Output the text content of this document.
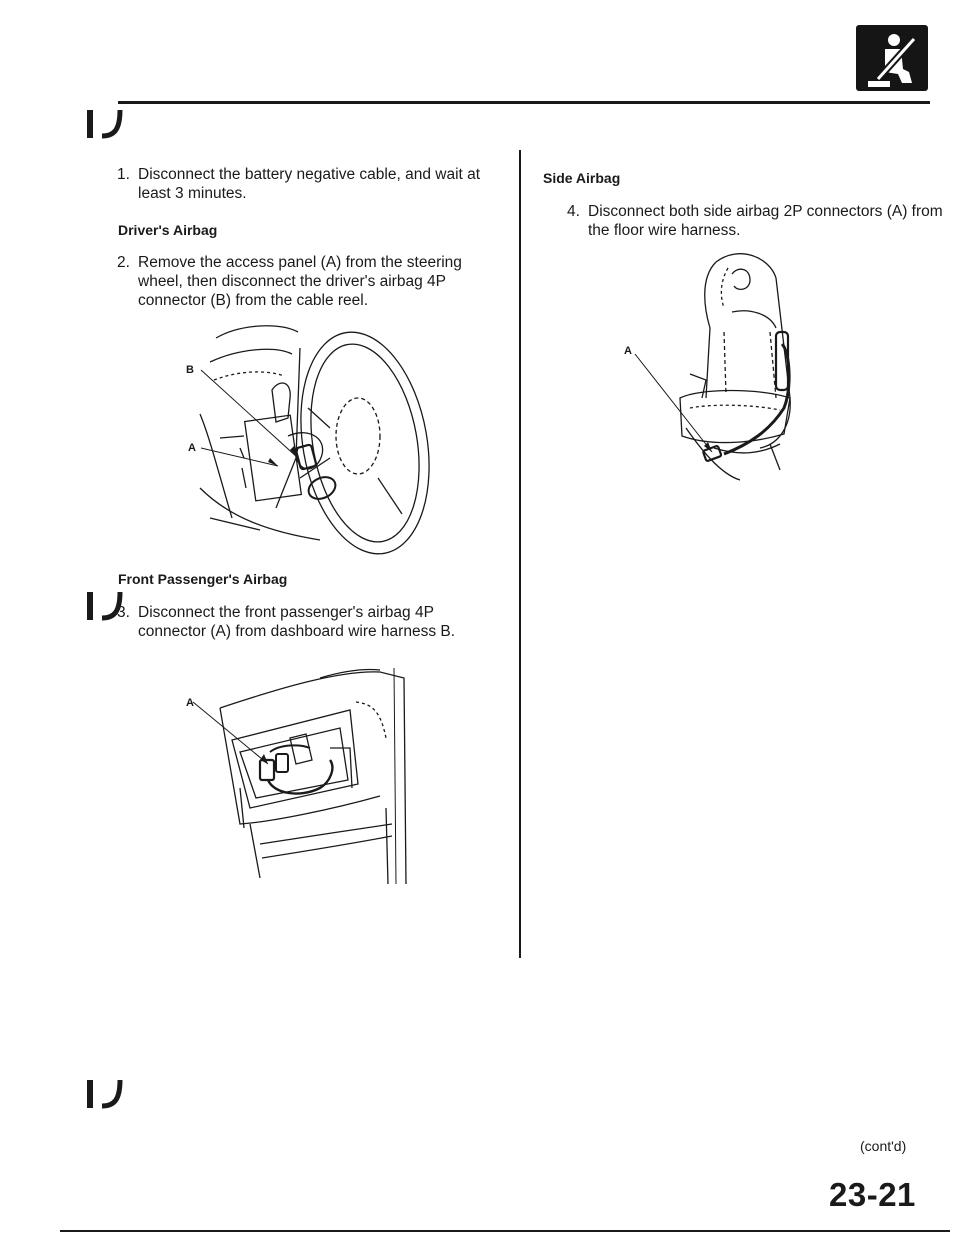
1. Disconnect the battery negative cable, and wait at
least 3 minutes.
Driver's Airbag
2. Remove the access panel (A) from the steering
wheel, then disconnect the driver's airbag 4P
connector (B) from the cable reel.
B
A
Front Passenger's Airbag
3. Disconnect the front passenger's airbag 4P
connector (A) from dashboard wire harness B.
A
Side Airbag
4. Disconnect both side airbag 2P connectors (A) from
the floor wire harness.
A
(cont'd)
23-21
